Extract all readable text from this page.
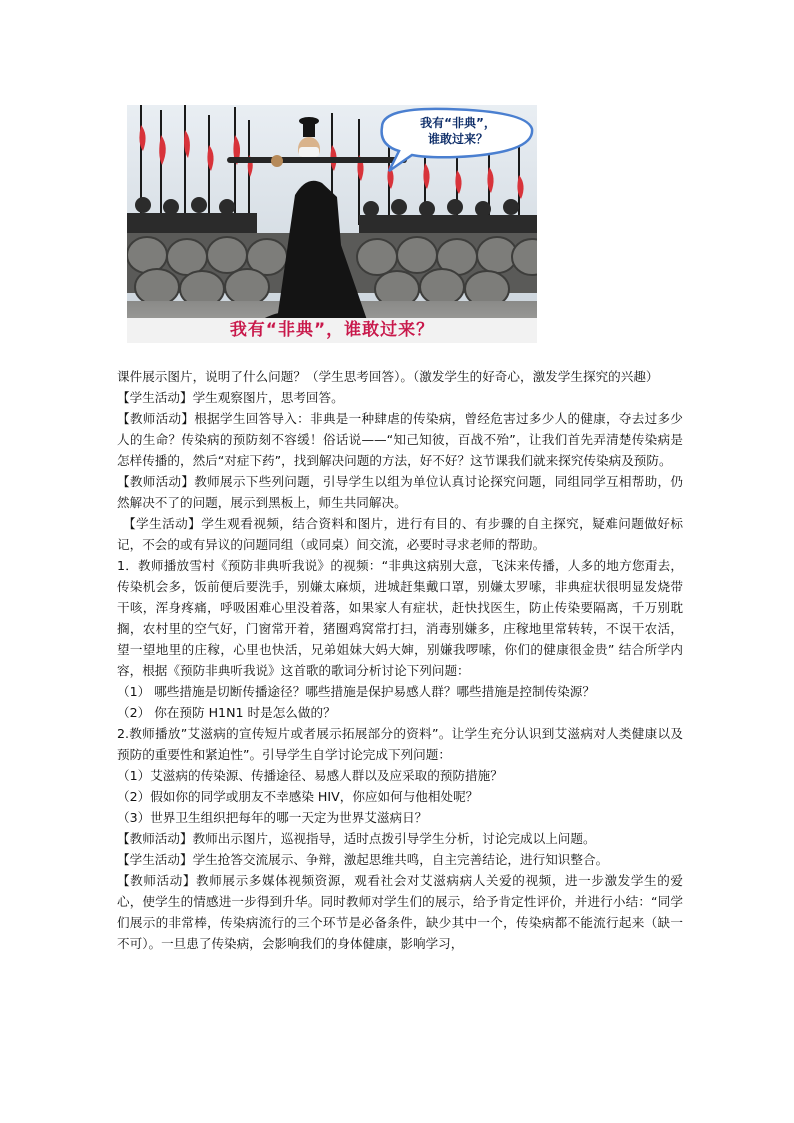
我有“非典”，
谁敢过来？
我有“非典”，谁敢过来？

课件展示图片，说明了什么问题？（学生思考回答）。（激发学生的好奇心，激发学生探究的兴趣）

【学生活动】学生观察图片，思考回答。

【教师活动】根据学生回答导入：非典是一种肆虐的传染病，曾经危害过多少人的健康，夺去过多少人的生命？传染病的预防刻不容缓！俗话说——“知己知彼，百战不殆”，让我们首先弄清楚传染病是怎样传播的，然后“对症下药”，找到解决问题的方法，好不好？这节课我们就来探究传染病及预防。

【教师活动】教师展示下些列问题，引导学生以组为单位认真讨论探究问题，同组同学互相帮助，仍然解决不了的问题，展示到黑板上，师生共同解决。

【学生活动】学生观看视频，结合资料和图片，进行有目的、有步骤的自主探究，疑难问题做好标记，不会的或有异议的问题同组（或同桌）间交流，必要时寻求老师的帮助。

1．教师播放雪村《预防非典听我说》的视频：“非典这病别大意，飞沫来传播，人多的地方您甭去，传染机会多，饭前便后要洗手，别嫌太麻烦，进城赶集戴口罩，别嫌太罗嗦，非典症状很明显发烧带干咳，浑身疼痛，呼吸困难心里没着落，如果家人有症状，赶快找医生，防止传染要隔离，千万别耽搁，农村里的空气好，门窗常开着，猪圈鸡窝常打扫，消毒别嫌多，庄稼地里常转转，不误干农活，望一望地里的庄稼，心里也快活，兄弟姐妹大妈大婶，别嫌我啰嗦，你们的健康很金贵” 结合所学内容，根据《预防非典听我说》这首歌的歌词分析讨论下列问题：

（1） 哪些措施是切断传播途径？哪些措施是保护易感人群？哪些措施是控制传染源？

（2） 你在预防 H1N1 时是怎么做的？

2.教师播放”艾滋病的宣传短片或者展示拓展部分的资料”。让学生充分认识到艾滋病对人类健康以及预防的重要性和紧迫性”。引导学生自学讨论完成下列问题：

（1）艾滋病的传染源、传播途径、易感人群以及应采取的预防措施？

（2）假如你的同学或朋友不幸感染 HIV，你应如何与他相处呢？

（3）世界卫生组织把每年的哪一天定为世界艾滋病日？

【教师活动】教师出示图片，巡视指导，适时点拨引导学生分析，讨论完成以上问题。

【学生活动】学生抢答交流展示、争辩，激起思维共鸣，自主完善结论，进行知识整合。

【教师活动】教师展示多媒体视频资源，观看社会对艾滋病病人关爱的视频，进一步激发学生的爱心，使学生的情感进一步得到升华。同时教师对学生们的展示，给予肯定性评价，并进行小结：“同学们展示的非常棒，传染病流行的三个环节是必备条件，缺少其中一个，传染病都不能流行起来（缺一不可）。一旦患了传染病，会影响我们的身体健康，影响学习，
